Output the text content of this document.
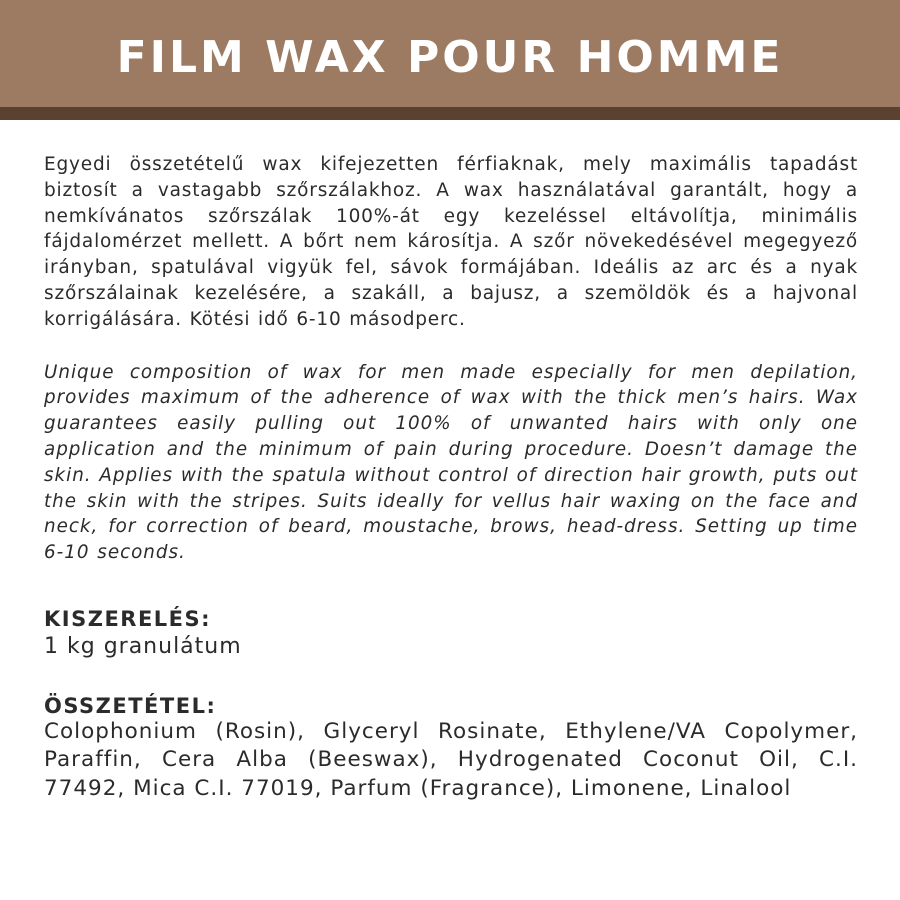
FILM WAX POUR HOMME

Egyedi összetételű wax kifejezetten férfiaknak, mely maximális tapadást biztosít a vastagabb szőrszálakhoz. A wax használatával garantált, hogy a nemkívánatos szőrszálak 100%-át egy kezeléssel eltávolítja, minimális fájdalomérzet mellett. A bőrt nem károsítja. A szőr növekedésével megegyező irányban, spatulával vigyük fel, sávok formájában. Ideális az arc és a nyak szőrszálainak kezelésére, a szakáll, a bajusz, a szemöldök és a hajvonal korrigálására. Kötési idő 6-10 másodperc.

Unique composition of wax for men made especially for men depilation, provides maximum of the adherence of wax with the thick men’s hairs. Wax guarantees easily pulling out 100% of unwanted hairs with only one application and the minimum of pain during procedure. Doesn’t damage the skin. Applies with the spatula without control of direction hair growth, puts out the skin with the stripes. Suits ideally for vellus hair waxing on the face and neck, for correction of beard, moustache, brows, head-dress. Setting up time 6-10 seconds.

KISZERELÉS:

1 kg granulátum

ÖSSZETÉTEL:

Colophonium (Rosin), Glyceryl Rosinate, Ethylene/VA Copolymer, Paraffin, Cera Alba (Beeswax), Hydrogenated Coconut Oil, C.I. 77492, Mica C.I. 77019, Parfum (Fragrance), Limonene, Linalool
